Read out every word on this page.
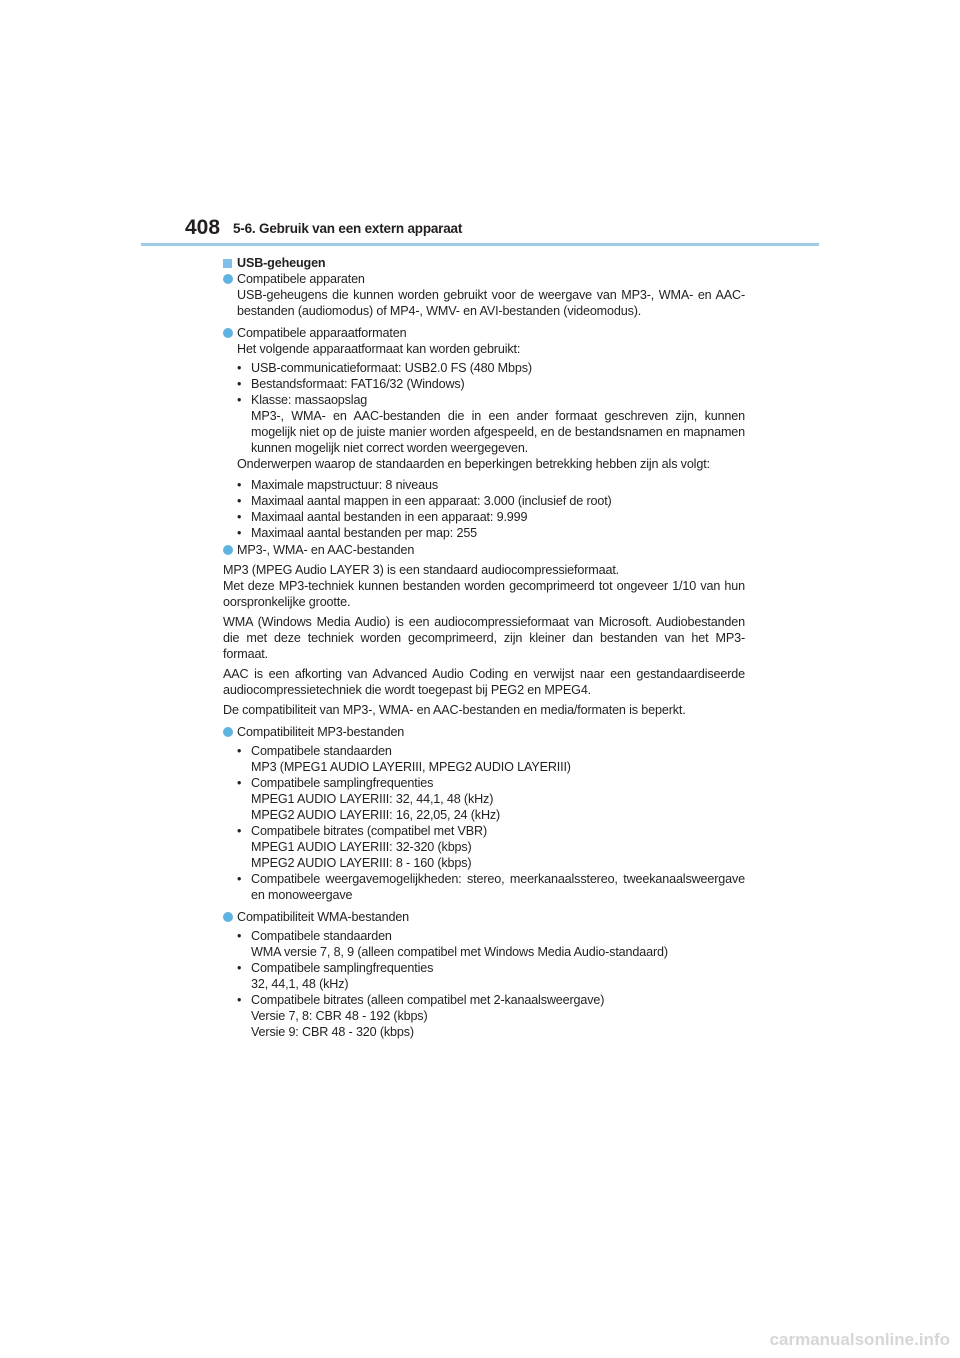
408 5-6. Gebruik van een extern apparaat

USB-geheugen

Compatibele apparaten

USB-geheugens die kunnen worden gebruikt voor de weergave van MP3-, WMA- en AAC-bestanden (audiomodus) of MP4-, WMV- en AVI-bestanden (videomodus).

Compatibele apparaatformaten

Het volgende apparaatformaat kan worden gebruikt:

• USB-communicatieformaat: USB2.0 FS (480 Mbps)
• Bestandsformaat: FAT16/32 (Windows)
• Klasse: massaopslag
MP3-, WMA- en AAC-bestanden die in een ander formaat geschreven zijn, kunnen mogelijk niet op de juiste manier worden afgespeeld, en de bestandsnamen en mapnamen kunnen mogelijk niet correct worden weergegeven.

Onderwerpen waarop de standaarden en beperkingen betrekking hebben zijn als volgt:

• Maximale mapstructuur: 8 niveaus
• Maximaal aantal mappen in een apparaat: 3.000 (inclusief de root)
• Maximaal aantal bestanden in een apparaat: 9.999
• Maximaal aantal bestanden per map: 255

MP3-, WMA- en AAC-bestanden

MP3 (MPEG Audio LAYER 3) is een standaard audiocompressieformaat.

Met deze MP3-techniek kunnen bestanden worden gecomprimeerd tot ongeveer 1/10 van hun oorspronkelijke grootte.

WMA (Windows Media Audio) is een audiocompressieformaat van Microsoft. Audiobestanden die met deze techniek worden gecomprimeerd, zijn kleiner dan bestanden van het MP3-formaat.

AAC is een afkorting van Advanced Audio Coding en verwijst naar een gestandaardiseerde audiocompressietechniek die wordt toegepast bij PEG2 en MPEG4.

De compatibiliteit van MP3-, WMA- en AAC-bestanden en media/formaten is beperkt.

Compatibiliteit MP3-bestanden

• Compatibele standaarden
MP3 (MPEG1 AUDIO LAYERIII, MPEG2 AUDIO LAYERIII)
• Compatibele samplingfrequenties
MPEG1 AUDIO LAYERIII: 32, 44,1, 48 (kHz)
MPEG2 AUDIO LAYERIII: 16, 22,05, 24 (kHz)
• Compatibele bitrates (compatibel met VBR)
MPEG1 AUDIO LAYERIII: 32-320 (kbps)
MPEG2 AUDIO LAYERIII: 8 - 160 (kbps)
• Compatibele weergavemogelijkheden: stereo, meerkanaalsstereo, tweekanaalsweergave en monoweergave

Compatibiliteit WMA-bestanden

• Compatibele standaarden
WMA versie 7, 8, 9 (alleen compatibel met Windows Media Audio-standaard)
• Compatibele samplingfrequenties
32, 44,1, 48 (kHz)
• Compatibele bitrates (alleen compatibel met 2-kanaalsweergave)
Versie 7, 8: CBR 48 - 192 (kbps)
Versie 9: CBR 48 - 320 (kbps)
carmanualsonline.info
